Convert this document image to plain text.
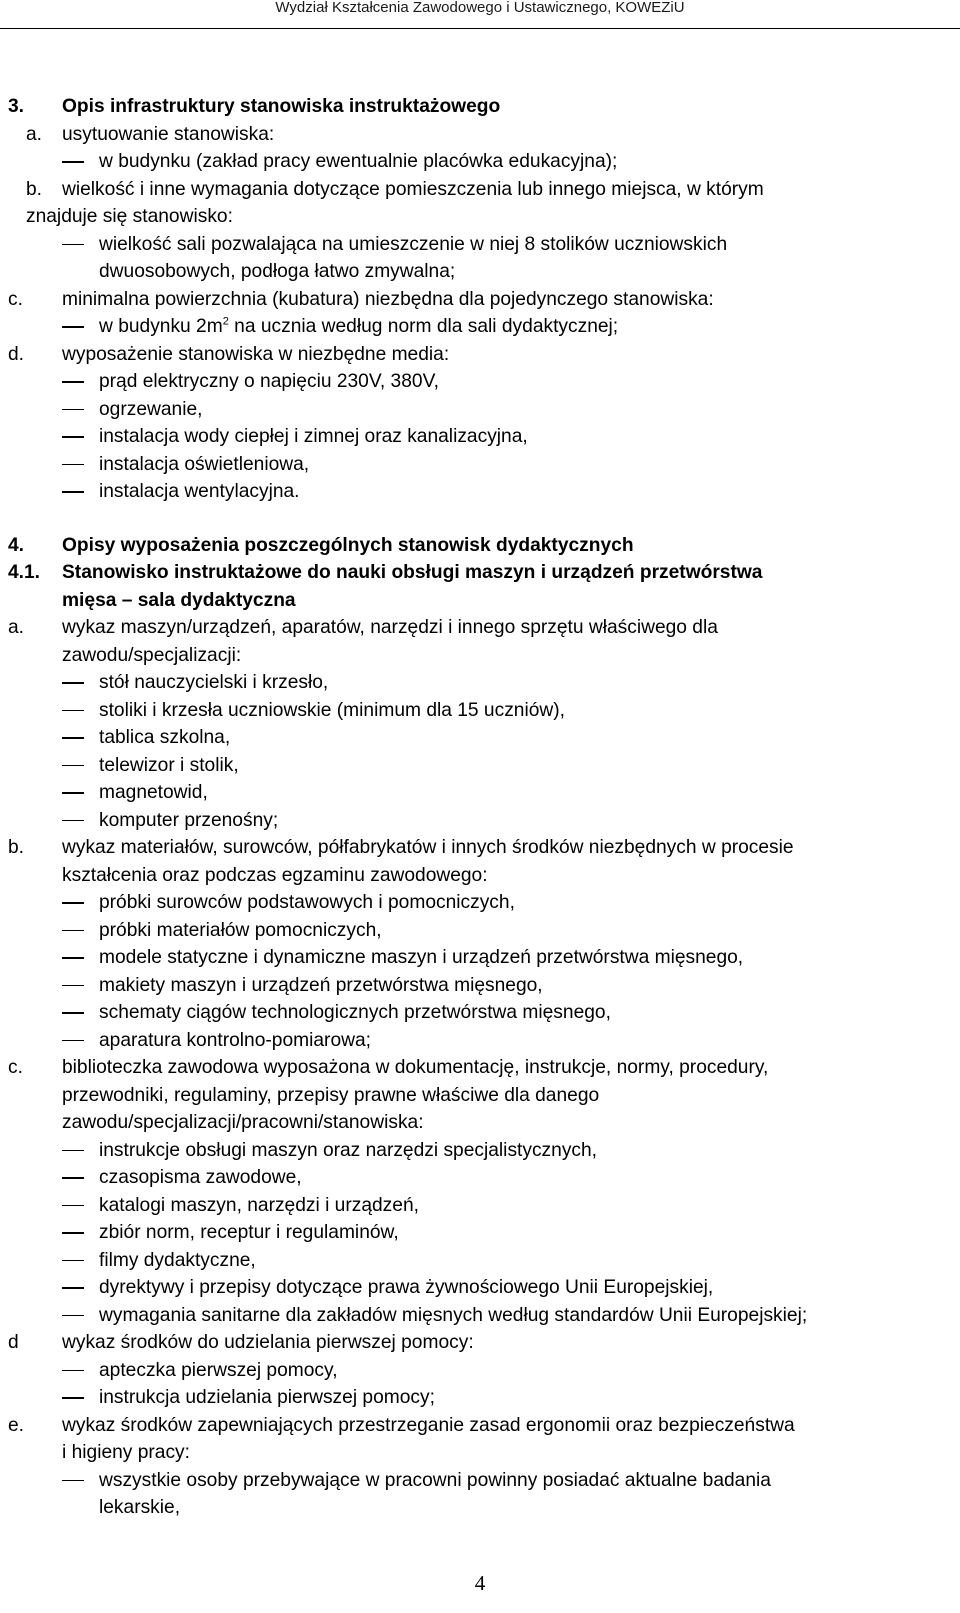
Wydział Kształcenia Zawodowego i Ustawicznego, KOWEZiU
3. Opis infrastruktury stanowiska instruktażowego
a. usytuowanie stanowiska:
w budynku (zakład pracy ewentualnie placówka edukacyjna);
b. wielkość i inne wymagania dotyczące pomieszczenia lub innego miejsca, w którym
znajduje się stanowisko:
wielkość sali pozwalająca na umieszczenie w niej 8 stolików uczniowskich
dwuosobowych, podłoga łatwo zmywalna;
c. minimalna powierzchnia (kubatura) niezbędna dla pojedynczego stanowiska:
w budynku $2m^2$ na ucznia według norm dla sali dydaktycznej;
d. wyposażenie stanowiska w niezbędne media:
prąd elektryczny o napięciu 230V, 380V,
ogrzewanie,
instalacja wody ciepłej i zimnej oraz kanalizacyjna,
instalacja oświetleniowa,
instalacja wentylacyjna.
4. Opisy wyposażenia poszczególnych stanowisk dydaktycznych
4.1. Stanowisko instruktażowe do nauki obsługi maszyn i urządzeń przetwórstwa
mięsa – sala dydaktyczna
a. wykaz maszyn/urządzeń, aparatów, narzędzi i innego sprzętu właściwego dla
zawodu/specjalizacji:
stół nauczycielski i krzesło,
stoliki i krzesła uczniowskie (minimum dla 15 uczniów),
tablica szkolna,
telewizor i stolik,
magnetowid,
komputer przenośny;
b. wykaz materiałów, surowców, półfabrykatów i innych środków niezbędnych w procesie
kształcenia oraz podczas egzaminu zawodowego:
próbki surowców podstawowych i pomocniczych,
próbki materiałów pomocniczych,
modele statyczne i dynamiczne maszyn i urządzeń przetwórstwa mięsnego,
makiety maszyn i urządzeń przetwórstwa mięsnego,
schematy ciągów technologicznych przetwórstwa mięsnego,
aparatura kontrolno-pomiarowa;
c. biblioteczka zawodowa wyposażona w dokumentację, instrukcje, normy, procedury,
przewodniki, regulaminy, przepisy prawne właściwe dla danego
zawodu/specjalizacji/pracowni/stanowiska:
instrukcje obsługi maszyn oraz narzędzi specjalistycznych,
czasopisma zawodowe,
katalogi maszyn, narzędzi i urządzeń,
zbiór norm, receptur i regulaminów,
filmy dydaktyczne,
dyrektywy i przepisy dotyczące prawa żywnościowego Unii Europejskiej,
wymagania sanitarne dla zakładów mięsnych według standardów Unii Europejskiej;
d wykaz środków do udzielania pierwszej pomocy:
apteczka pierwszej pomocy,
instrukcja udzielania pierwszej pomocy;
e. wykaz środków zapewniających przestrzeganie zasad ergonomii oraz bezpieczeństwa
i higieny pracy:
wszystkie osoby przebywające w pracowni powinny posiadać aktualne badania
lekarskie,
4
